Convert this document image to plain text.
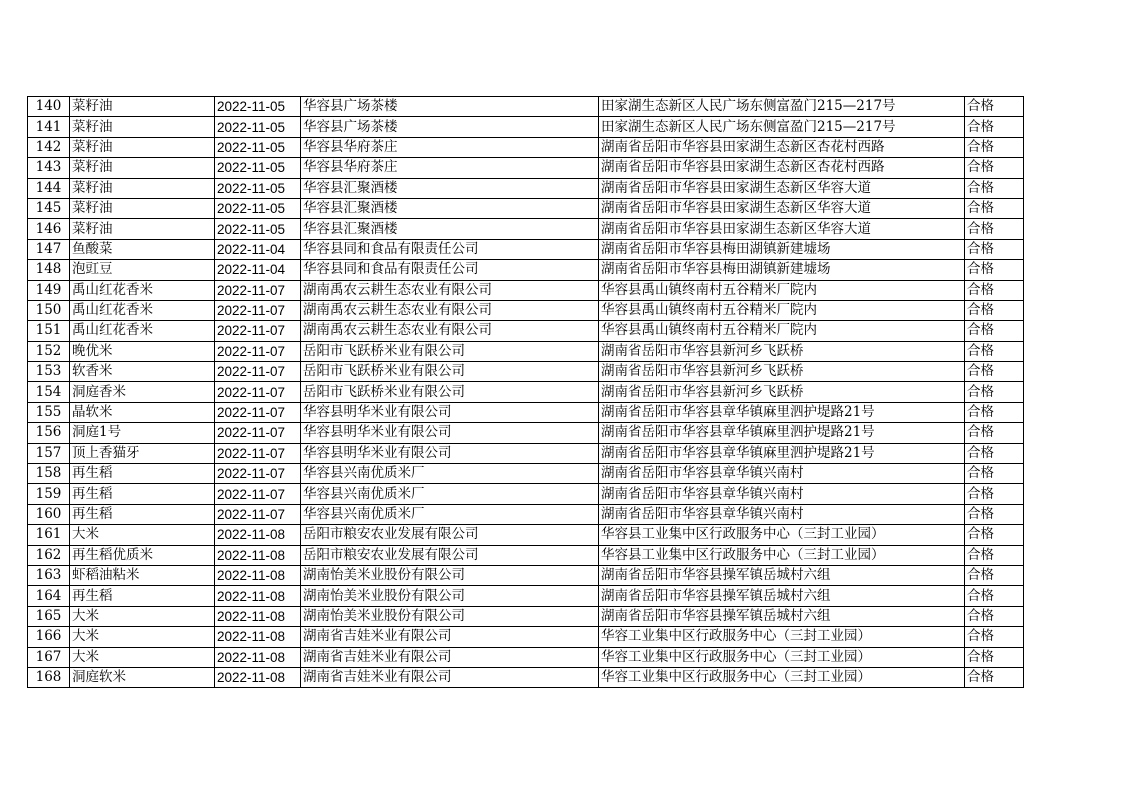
140	菜籽油	2022-11-05	华容县广场茶楼	田家湖生态新区人民广场东侧富盈门215—217号	合格
141	菜籽油	2022-11-05	华容县广场茶楼	田家湖生态新区人民广场东侧富盈门215—217号	合格
142	菜籽油	2022-11-05	华容县华府茶庄	湖南省岳阳市华容县田家湖生态新区杏花村西路	合格
143	菜籽油	2022-11-05	华容县华府茶庄	湖南省岳阳市华容县田家湖生态新区杏花村西路	合格
144	菜籽油	2022-11-05	华容县汇聚酒楼	湖南省岳阳市华容县田家湖生态新区华容大道	合格
145	菜籽油	2022-11-05	华容县汇聚酒楼	湖南省岳阳市华容县田家湖生态新区华容大道	合格
146	菜籽油	2022-11-05	华容县汇聚酒楼	湖南省岳阳市华容县田家湖生态新区华容大道	合格
147	鱼酸菜	2022-11-04	华容县同和食品有限责任公司	湖南省岳阳市华容县梅田湖镇新建墟场	合格
148	泡豇豆	2022-11-04	华容县同和食品有限责任公司	湖南省岳阳市华容县梅田湖镇新建墟场	合格
149	禹山红花香米	2022-11-07	湖南禹农云耕生态农业有限公司	华容县禹山镇终南村五谷精米厂院内	合格
150	禹山红花香米	2022-11-07	湖南禹农云耕生态农业有限公司	华容县禹山镇终南村五谷精米厂院内	合格
151	禹山红花香米	2022-11-07	湖南禹农云耕生态农业有限公司	华容县禹山镇终南村五谷精米厂院内	合格
152	晚优米	2022-11-07	岳阳市飞跃桥米业有限公司	湖南省岳阳市华容县新河乡飞跃桥	合格
153	软香米	2022-11-07	岳阳市飞跃桥米业有限公司	湖南省岳阳市华容县新河乡飞跃桥	合格
154	洞庭香米	2022-11-07	岳阳市飞跃桥米业有限公司	湖南省岳阳市华容县新河乡飞跃桥	合格
155	晶软米	2022-11-07	华容县明华米业有限公司	湖南省岳阳市华容县章华镇麻里泗护堤路21号	合格
156	洞庭1号	2022-11-07	华容县明华米业有限公司	湖南省岳阳市华容县章华镇麻里泗护堤路21号	合格
157	顶上香猫牙	2022-11-07	华容县明华米业有限公司	湖南省岳阳市华容县章华镇麻里泗护堤路21号	合格
158	再生稻	2022-11-07	华容县兴南优质米厂	湖南省岳阳市华容县章华镇兴南村	合格
159	再生稻	2022-11-07	华容县兴南优质米厂	湖南省岳阳市华容县章华镇兴南村	合格
160	再生稻	2022-11-07	华容县兴南优质米厂	湖南省岳阳市华容县章华镇兴南村	合格
161	大米	2022-11-08	岳阳市粮安农业发展有限公司	华容县工业集中区行政服务中心（三封工业园）	合格
162	再生稻优质米	2022-11-08	岳阳市粮安农业发展有限公司	华容县工业集中区行政服务中心（三封工业园）	合格
163	虾稻油粘米	2022-11-08	湖南怡美米业股份有限公司	湖南省岳阳市华容县操军镇岳城村六组	合格
164	再生稻	2022-11-08	湖南怡美米业股份有限公司	湖南省岳阳市华容县操军镇岳城村六组	合格
165	大米	2022-11-08	湖南怡美米业股份有限公司	湖南省岳阳市华容县操军镇岳城村六组	合格
166	大米	2022-11-08	湖南省吉娃米业有限公司	华容工业集中区行政服务中心（三封工业园）	合格
167	大米	2022-11-08	湖南省吉娃米业有限公司	华容工业集中区行政服务中心（三封工业园）	合格
168	洞庭软米	2022-11-08	湖南省吉娃米业有限公司	华容工业集中区行政服务中心（三封工业园）	合格
